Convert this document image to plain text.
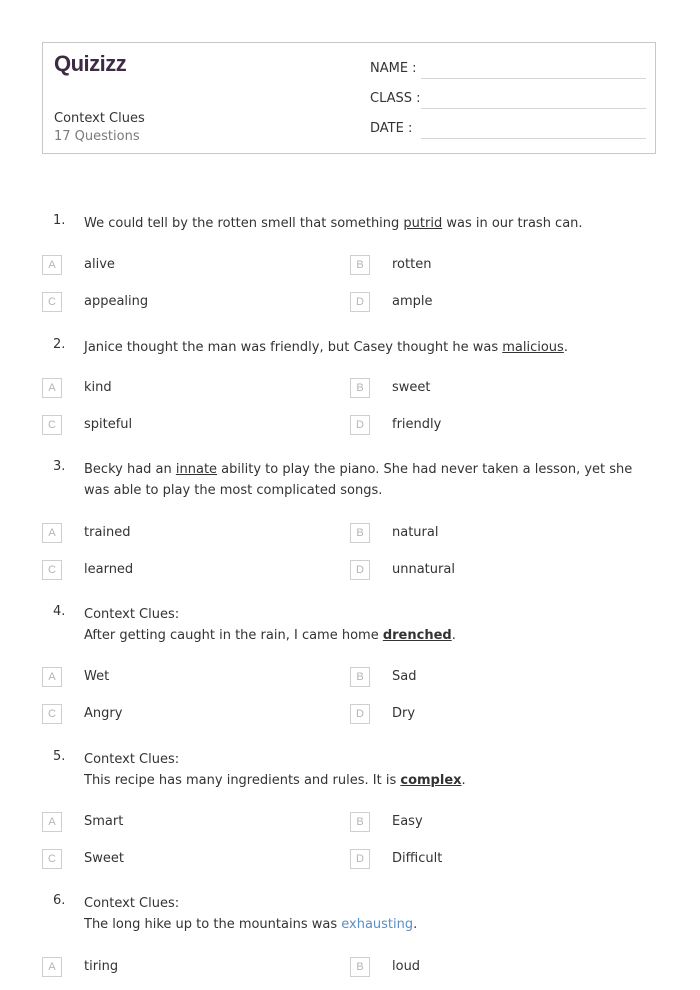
Quizizz
Context Clues
17 Questions
NAME :
CLASS :
DATE :
1. We could tell by the rotten smell that something putrid was in our trash can.
A	alive	B	rotten
C	appealing	D	ample
2. Janice thought the man was friendly, but Casey thought he was malicious.
A	kind	B	sweet
C	spiteful	D	friendly
3. Becky had an innate ability to play the piano. She had never taken a lesson, yet she was able to play the most complicated songs.
A	trained	B	natural
C	learned	D	unnatural
4. Context Clues:
After getting caught in the rain, I came home drenched.
A	Wet	B	Sad
C	Angry	D	Dry
5. Context Clues:
This recipe has many ingredients and rules. It is complex.
A	Smart	B	Easy
C	Sweet	D	Difficult
6. Context Clues:
The long hike up to the mountains was exhausting.
A	tiring	B	loud
